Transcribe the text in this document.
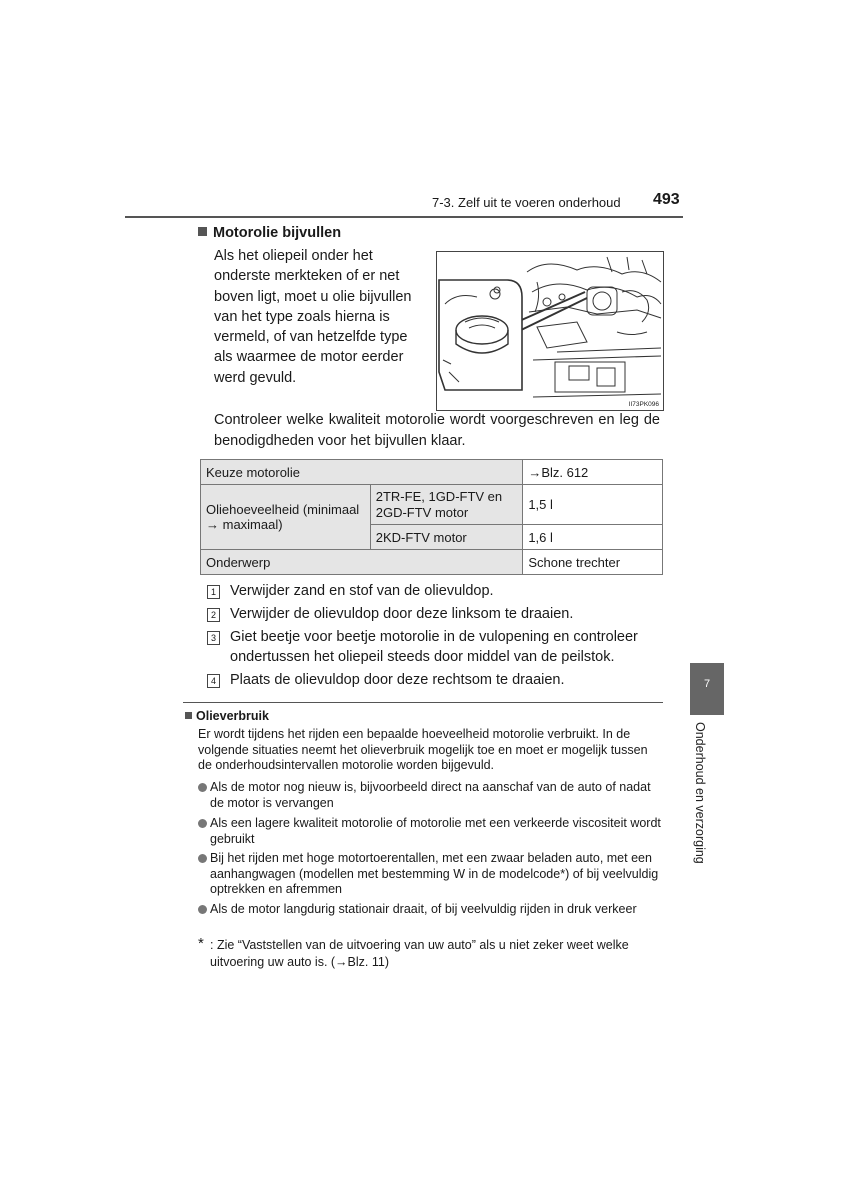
7-3. Zelf uit te voeren onderhoud 493
Motorolie bijvullen
Als het oliepeil onder het onderste merkteken of er net boven ligt, moet u olie bijvullen van het type zoals hierna is vermeld, of van hetzelfde type als waarmee de motor eerder werd gevuld.
II73PK096
Controleer welke kwaliteit motorolie wordt voorgeschreven en leg de benodigdheden voor het bijvullen klaar.
Keuze motorolie		→Blz. 612
Oliehoeveelheid (minimaal → maximaal)	2TR-FE, 1GD-FTV en 2GD-FTV motor	1,5 l
	2KD-FTV motor	1,6 l
Onderwerp		Schone trechter
1 Verwijder zand en stof van de olievuldop.
2 Verwijder de olievuldop door deze linksom te draaien.
3 Giet beetje voor beetje motorolie in de vulopening en controleer ondertussen het oliepeil steeds door middel van de peilstok.
4 Plaats de olievuldop door deze rechtsom te draaien.
Olieverbruik
Er wordt tijdens het rijden een bepaalde hoeveelheid motorolie verbruikt. In de volgende situaties neemt het olieverbruik mogelijk toe en moet er mogelijk tussen de onderhoudsintervallen motorolie worden bijgevuld.
Als de motor nog nieuw is, bijvoorbeeld direct na aanschaf van de auto of nadat de motor is vervangen
Als een lagere kwaliteit motorolie of motorolie met een verkeerde viscositeit wordt gebruikt
Bij het rijden met hoge motortoerentallen, met een zwaar beladen auto, met een aanhangwagen (modellen met bestemming W in de modelcode*) of bij veelvuldig optrekken en afremmen
Als de motor langdurig stationair draait, of bij veelvuldig rijden in druk verkeer
* : Zie “Vaststellen van de uitvoering van uw auto” als u niet zeker weet welke uitvoering uw auto is. (→Blz. 11)
7
Onderhoud en verzorging
